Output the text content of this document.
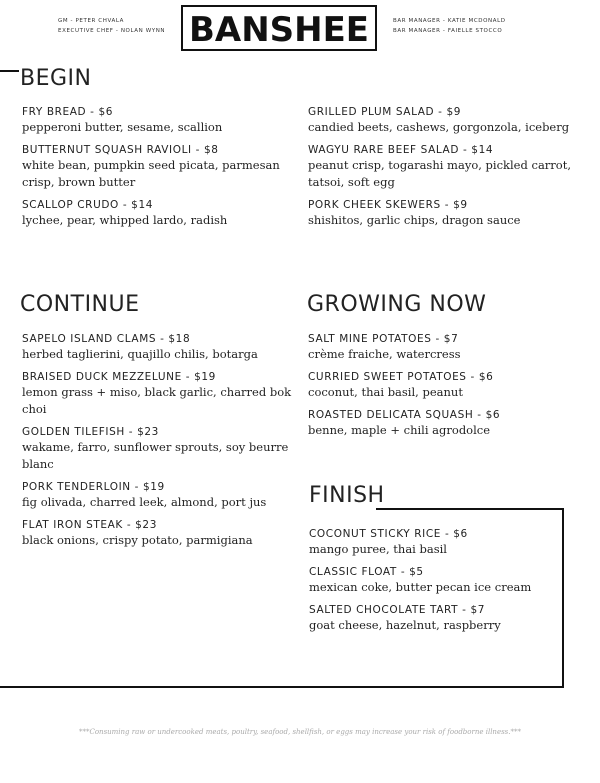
GM - PETER CHVALA
EXECUTIVE CHEF - NOLAN WYNN
BAR MANAGER - KATIE MCDONALD
BAR MANAGER - FAIELLE STOCCO
BANSHEE
BEGIN
FRY BREAD - $6
pepperoni butter, sesame, scallion
BUTTERNUT SQUASH RAVIOLI - $8
white bean, pumpkin seed picata, parmesan crisp, brown butter
SCALLOP CRUDO - $14
lychee, pear, whipped lardo, radish
GRILLED PLUM SALAD - $9
candied beets, cashews, gorgonzola, iceberg
WAGYU RARE BEEF SALAD - $14
peanut crisp, togarashi mayo, pickled carrot, tatsoi, soft egg
PORK CHEEK SKEWERS - $9
shishitos, garlic chips, dragon sauce
CONTINUE
SAPELO ISLAND CLAMS - $18
herbed taglierini, quajillo chilis, botarga
BRAISED DUCK MEZZELUNE - $19
lemon grass + miso, black garlic, charred bok choi
GOLDEN TILEFISH - $23
wakame, farro, sunflower sprouts, soy beurre blanc
PORK TENDERLOIN - $19
fig olivada, charred leek, almond, port jus
FLAT IRON STEAK - $23
black onions, crispy potato, parmigiana
GROWING NOW
SALT MINE POTATOES - $7
crème fraiche, watercress
CURRIED SWEET POTATOES - $6
coconut, thai basil, peanut
ROASTED DELICATA SQUASH - $6
benne, maple + chili agrodolce
FINISH
COCONUT STICKY RICE - $6
mango puree, thai basil
CLASSIC FLOAT - $5
mexican coke, butter pecan ice cream
SALTED CHOCOLATE TART - $7
goat cheese, hazelnut, raspberry
***Consuming raw or undercooked meats, poultry, seafood, shellfish, or eggs may increase your risk of foodborne illness.***
